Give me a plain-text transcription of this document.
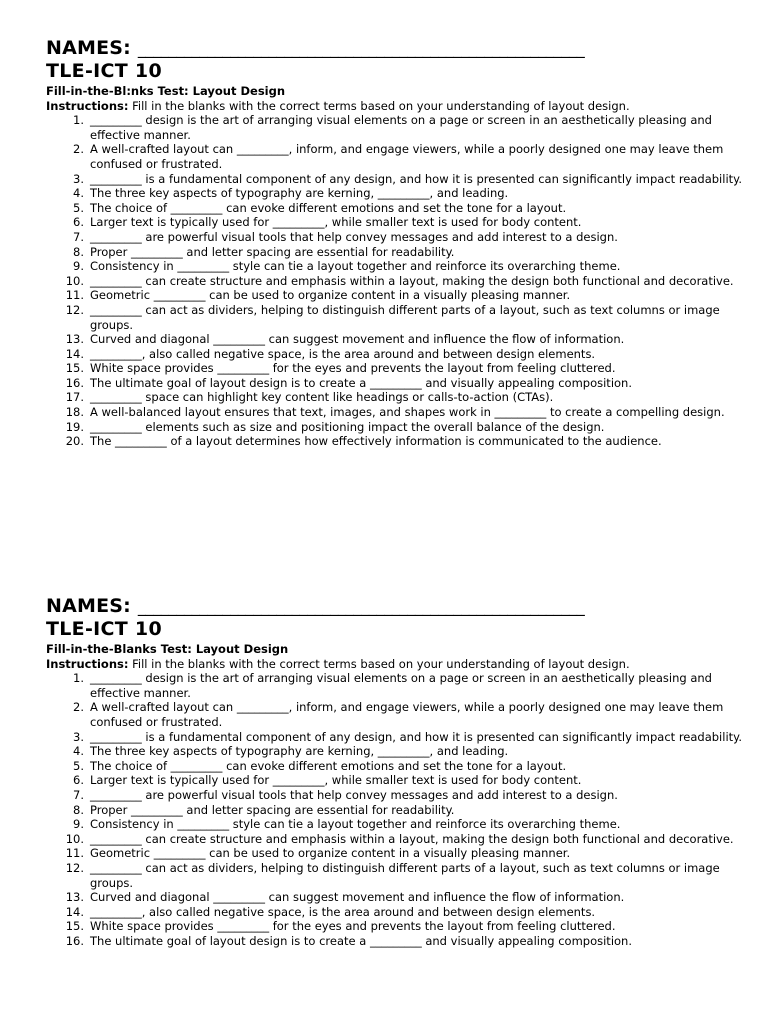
NAMES: __________________________________________________________
TLE-ICT 10
Fill-in-the-Bl:nks Test: Layout Design
Instructions: Fill in the blanks with the correct terms based on your understanding of layout design.
1. _________ design is the art of arranging visual elements on a page or screen in an aesthetically pleasing and effective manner.
2. A well-crafted layout can _________, inform, and engage viewers, while a poorly designed one may leave them confused or frustrated.
3. _________ is a fundamental component of any design, and how it is presented can significantly impact readability.
4. The three key aspects of typography are kerning, _________, and leading.
5. The choice of _________ can evoke different emotions and set the tone for a layout.
6. Larger text is typically used for _________, while smaller text is used for body content.
7. _________ are powerful visual tools that help convey messages and add interest to a design.
8. Proper _________ and letter spacing are essential for readability.
9. Consistency in _________ style can tie a layout together and reinforce its overarching theme.
10. _________ can create structure and emphasis within a layout, making the design both functional and decorative.
11. Geometric _________ can be used to organize content in a visually pleasing manner.
12. _________ can act as dividers, helping to distinguish different parts of a layout, such as text columns or image groups.
13. Curved and diagonal _________ can suggest movement and influence the flow of information.
14. _________, also called negative space, is the area around and between design elements.
15. White space provides _________ for the eyes and prevents the layout from feeling cluttered.
16. The ultimate goal of layout design is to create a _________ and visually appealing composition.
17. _________ space can highlight key content like headings or calls-to-action (CTAs).
18. A well-balanced layout ensures that text, images, and shapes work in _________ to create a compelling design.
19. _________ elements such as size and positioning impact the overall balance of the design.
20. The _________ of a layout determines how effectively information is communicated to the audience.
NAMES: __________________________________________________________
TLE-ICT 10
Fill-in-the-Blanks Test: Layout Design
Instructions: Fill in the blanks with the correct terms based on your understanding of layout design.
1. _________ design is the art of arranging visual elements on a page or screen in an aesthetically pleasing and effective manner.
2. A well-crafted layout can _________, inform, and engage viewers, while a poorly designed one may leave them confused or frustrated.
3. _________ is a fundamental component of any design, and how it is presented can significantly impact readability.
4. The three key aspects of typography are kerning, _________, and leading.
5. The choice of _________ can evoke different emotions and set the tone for a layout.
6. Larger text is typically used for _________, while smaller text is used for body content.
7. _________ are powerful visual tools that help convey messages and add interest to a design.
8. Proper _________ and letter spacing are essential for readability.
9. Consistency in _________ style can tie a layout together and reinforce its overarching theme.
10. _________ can create structure and emphasis within a layout, making the design both functional and decorative.
11. Geometric _________ can be used to organize content in a visually pleasing manner.
12. _________ can act as dividers, helping to distinguish different parts of a layout, such as text columns or image groups.
13. Curved and diagonal _________ can suggest movement and influence the flow of information.
14. _________, also called negative space, is the area around and between design elements.
15. White space provides _________ for the eyes and prevents the layout from feeling cluttered.
16. The ultimate goal of layout design is to create a _________ and visually appealing composition.
